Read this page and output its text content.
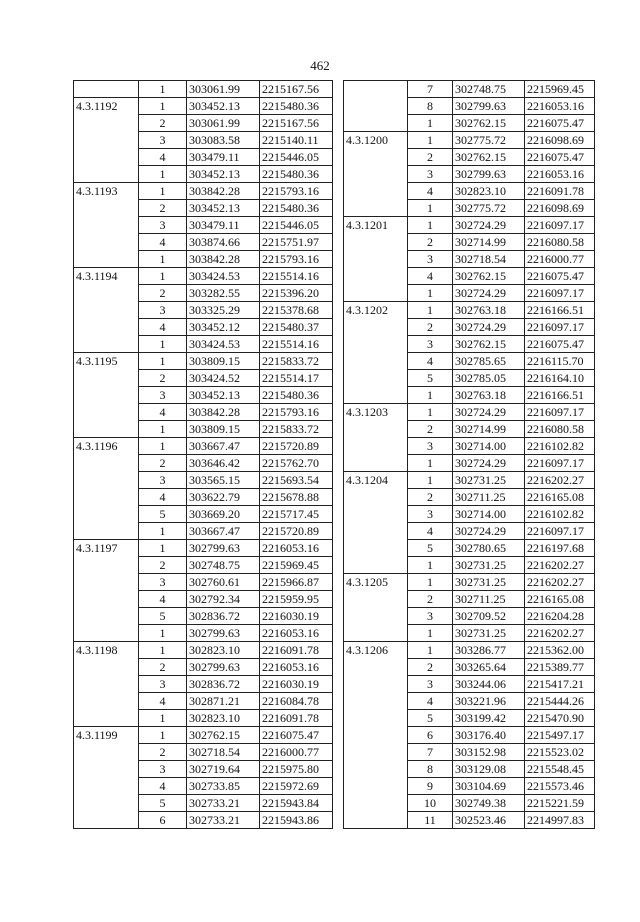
462
	1	303061.99	2215167.56
4.3.1192	1	303452.13	2215480.36
	2	303061.99	2215167.56
	3	303083.58	2215140.11
	4	303479.11	2215446.05
	1	303452.13	2215480.36
4.3.1193	1	303842.28	2215793.16
	2	303452.13	2215480.36
	3	303479.11	2215446.05
	4	303874.66	2215751.97
	1	303842.28	2215793.16
4.3.1194	1	303424.53	2215514.16
	2	303282.55	2215396.20
	3	303325.29	2215378.68
	4	303452.12	2215480.37
	1	303424.53	2215514.16
4.3.1195	1	303809.15	2215833.72
	2	303424.52	2215514.17
	3	303452.13	2215480.36
	4	303842.28	2215793.16
	1	303809.15	2215833.72
4.3.1196	1	303667.47	2215720.89
	2	303646.42	2215762.70
	3	303565.15	2215693.54
	4	303622.79	2215678.88
	5	303669.20	2215717.45
	1	303667.47	2215720.89
4.3.1197	1	302799.63	2216053.16
	2	302748.75	2215969.45
	3	302760.61	2215966.87
	4	302792.34	2215959.95
	5	302836.72	2216030.19
	1	302799.63	2216053.16
4.3.1198	1	302823.10	2216091.78
	2	302799.63	2216053.16
	3	302836.72	2216030.19
	4	302871.21	2216084.78
	1	302823.10	2216091.78
4.3.1199	1	302762.15	2216075.47
	2	302718.54	2216000.77
	3	302719.64	2215975.80
	4	302733.85	2215972.69
	5	302733.21	2215943.84
	6	302733.21	2215943.86
	7	302748.75	2215969.45
	8	302799.63	2216053.16
	1	302762.15	2216075.47
4.3.1200	1	302775.72	2216098.69
	2	302762.15	2216075.47
	3	302799.63	2216053.16
	4	302823.10	2216091.78
	1	302775.72	2216098.69
4.3.1201	1	302724.29	2216097.17
	2	302714.99	2216080.58
	3	302718.54	2216000.77
	4	302762.15	2216075.47
	1	302724.29	2216097.17
4.3.1202	1	302763.18	2216166.51
	2	302724.29	2216097.17
	3	302762.15	2216075.47
	4	302785.65	2216115.70
	5	302785.05	2216164.10
	1	302763.18	2216166.51
4.3.1203	1	302724.29	2216097.17
	2	302714.99	2216080.58
	3	302714.00	2216102.82
	1	302724.29	2216097.17
4.3.1204	1	302731.25	2216202.27
	2	302711.25	2216165.08
	3	302714.00	2216102.82
	4	302724.29	2216097.17
	5	302780.65	2216197.68
	1	302731.25	2216202.27
4.3.1205	1	302731.25	2216202.27
	2	302711.25	2216165.08
	3	302709.52	2216204.28
	1	302731.25	2216202.27
4.3.1206	1	303286.77	2215362.00
	2	303265.64	2215389.77
	3	303244.06	2215417.21
	4	303221.96	2215444.26
	5	303199.42	2215470.90
	6	303176.40	2215497.17
	7	303152.98	2215523.02
	8	303129.08	2215548.45
	9	303104.69	2215573.46
	10	302749.38	2215221.59
	11	302523.46	2214997.83
